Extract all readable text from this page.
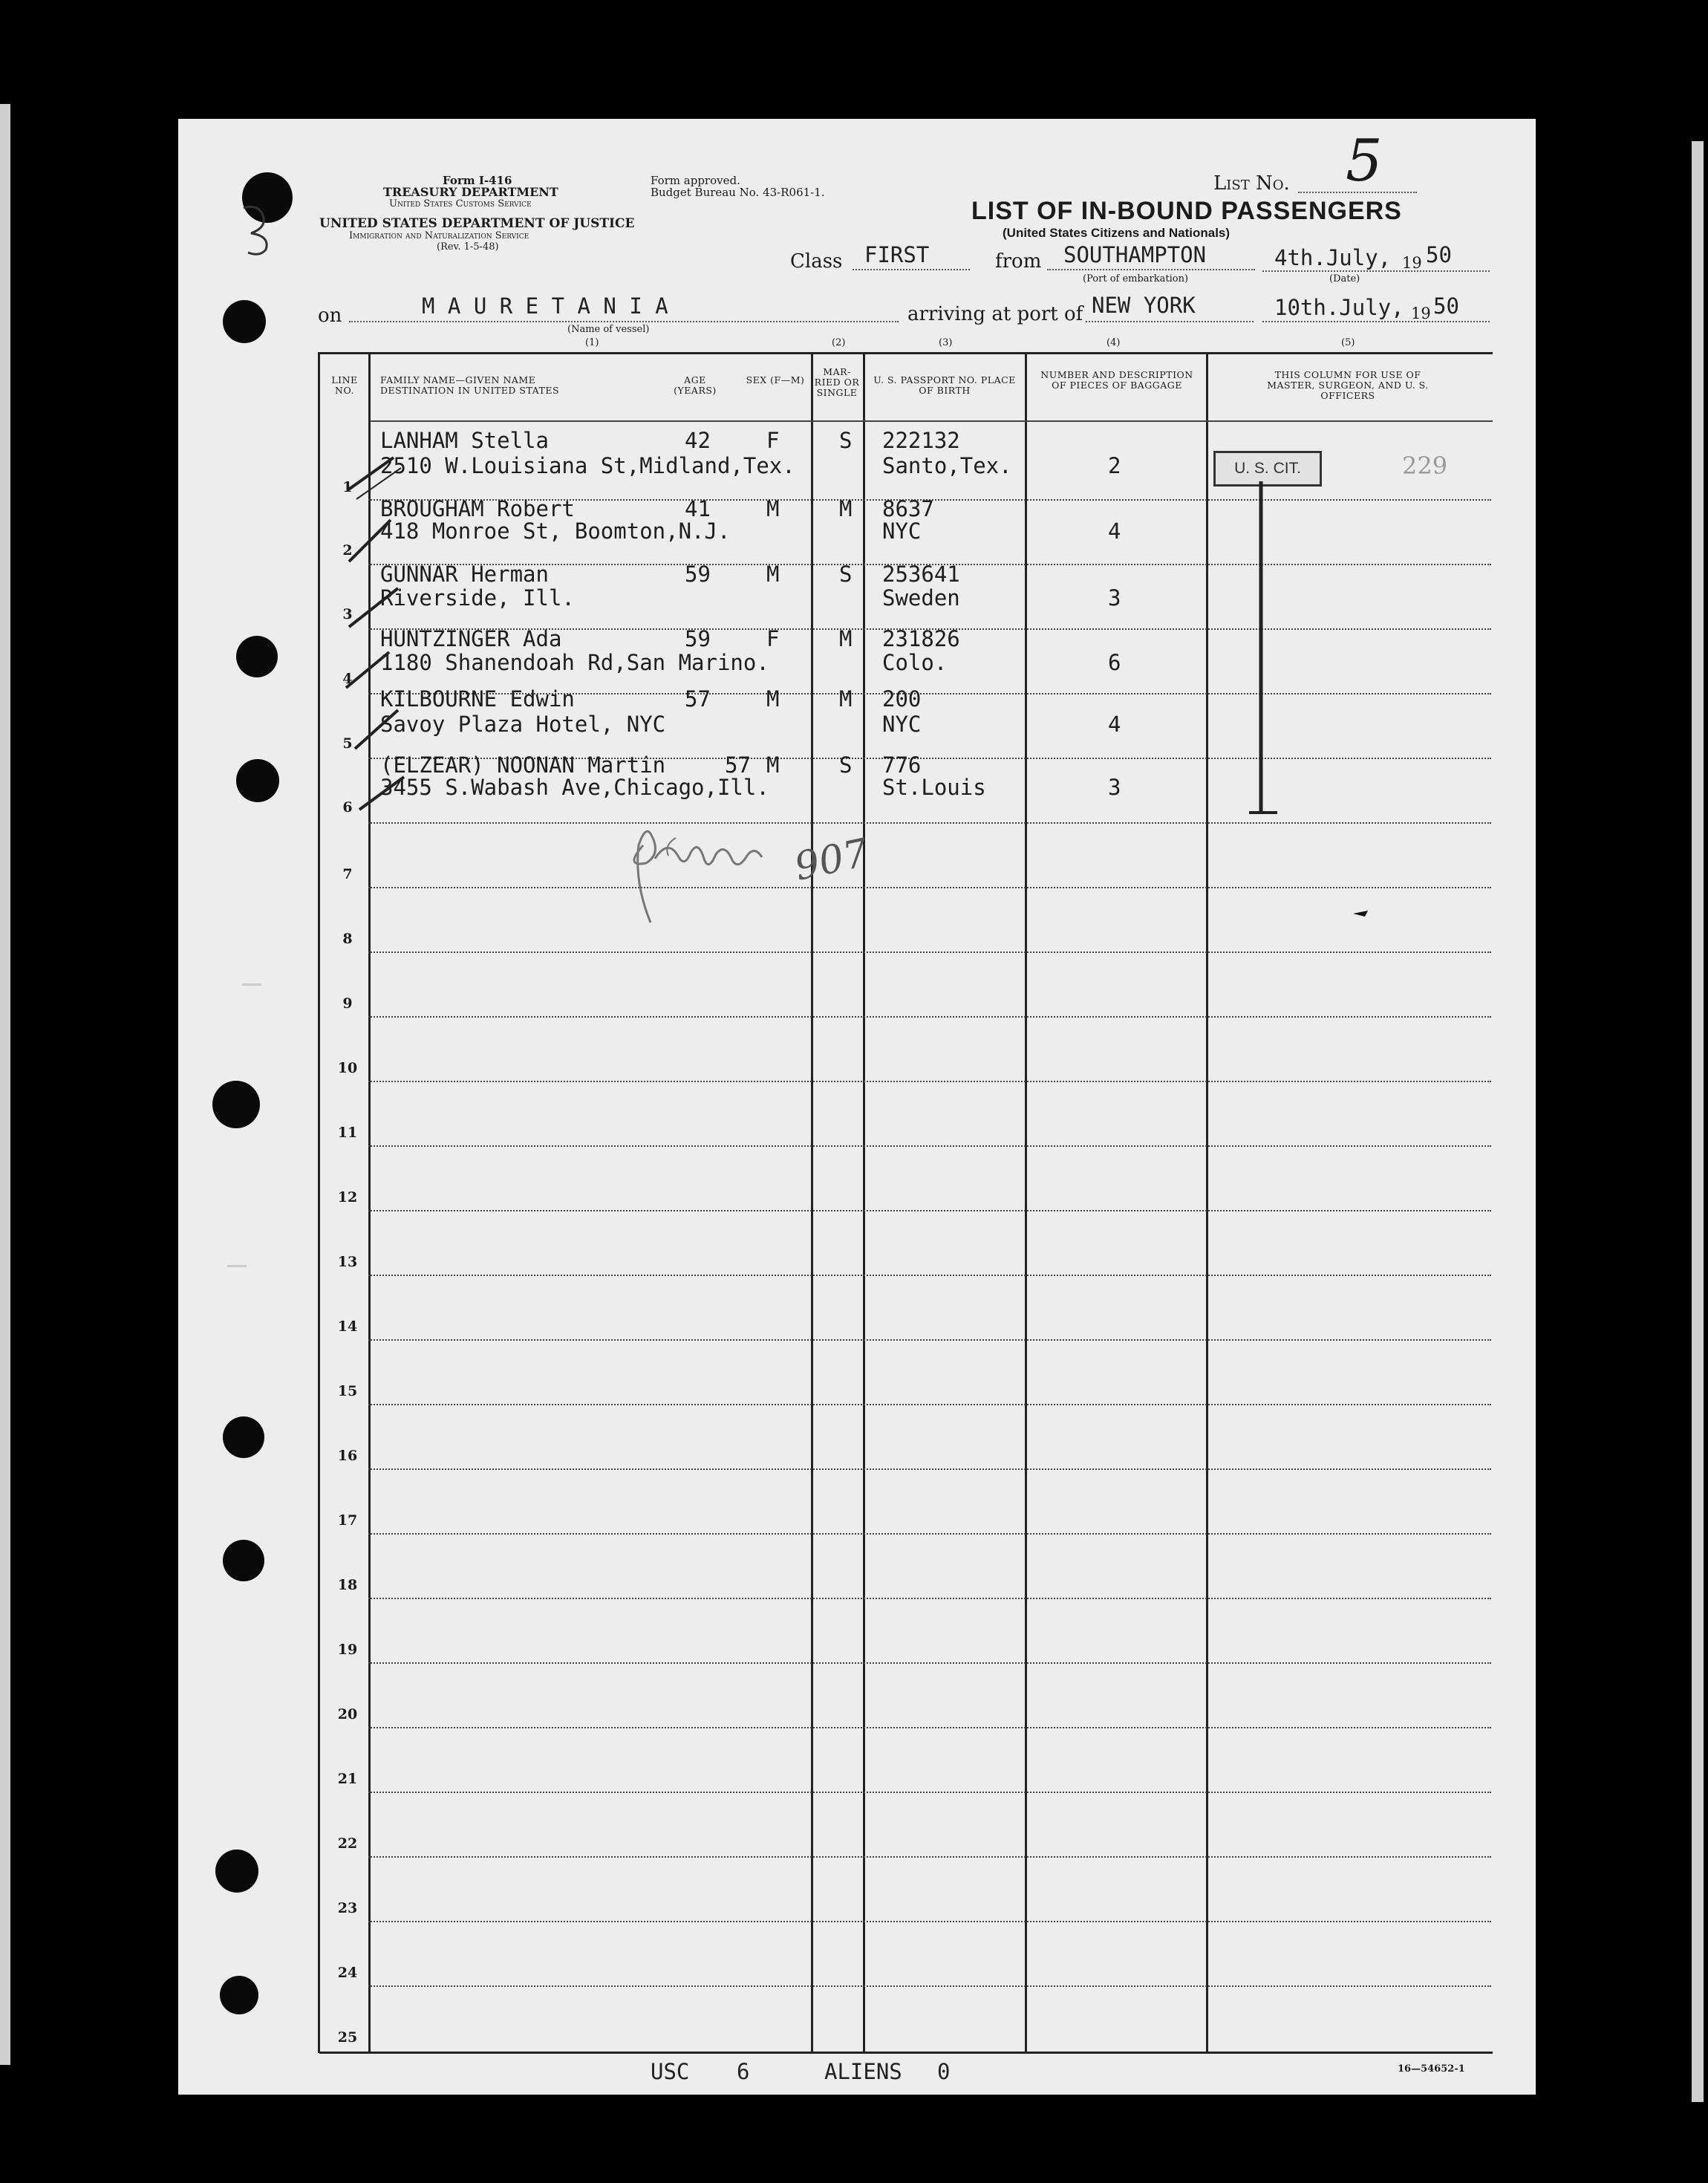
Form I-416
TREASURY DEPARTMENT
United States Customs Service
Form approved.
Budget Bureau No. 43-R061-1.
UNITED STATES DEPARTMENT OF JUSTICE
Immigration and Naturalization Service
(Rev. 1-5-48)
List No. 5
LIST OF IN-BOUND PASSENGERS
(United States Citizens and Nationals)
Class FIRST	from SOUTHAMPTON	4th.July, 19 50
(Port of embarkation)	(Date)
on	M A U R E T A N I A
(Name of vessel)
(1)	(2)	(3)	(4)	(5)
arriving at port of NEW YORK	10th.July, 19 50
LINE NO.
FAMILY NAME—GIVEN NAME DESTINATION IN UNITED STATES
AGE (YEARS)
SEX (F—M)
MAR-RIED OR SINGLE
U. S. PASSPORT NO. PLACE OF BIRTH
NUMBER AND DESCRIPTION OF PIECES OF BAGGAGE
THIS COLUMN FOR USE OF MASTER, SURGEON, AND U. S. OFFICERS
1
LANHAM Stella
2510 W.Louisiana St,Midland,Tex.
42	F	S 222132
Santo,Tex.	2
2
BROUGHAM Robert
418 Monroe St, Boomton,N.J.
41	M	M 8637
NYC	4
3
GUNNAR Herman
Riverside, Ill.
59	M	S 253641
Sweden	3
4
HUNTZINGER Ada
1180 Shanendoah Rd,San Marino.
59	F	M 231826
Colo.	6
5
KILBOURNE Edwin
Savoy Plaza Hotel, NYC
57	M	M 200
NYC	4
6
(ELZEAR) NOONAN Martin
3455 S.Wabash Ave,Chicago,Ill.
57 M	S 776
St.Louis	3
7
8
9
10
11
12
13
14
15
16
17
18
19
20
21
22
23
24
25
U. S. CIT.	229
907
USC 6	ALIENS 0	16—54652-1
